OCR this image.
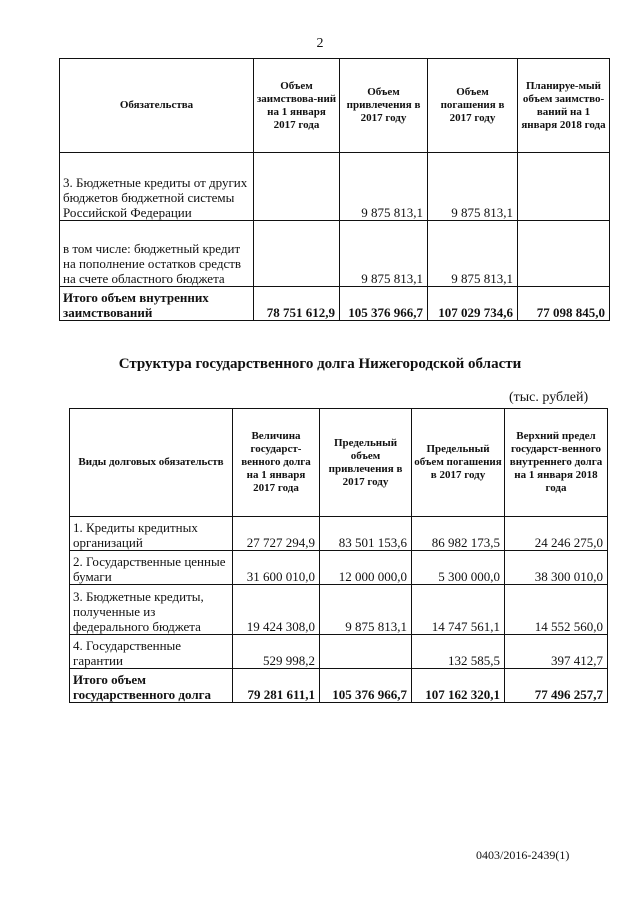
2
Обязательства	Объем заимствова-ний на 1 января 2017 года	Объем привлечения в 2017 году	Объем погашения в 2017 году	Планируе-мый объем заимство-ваний на 1 января 2018 года
3. Бюджетные кредиты от других бюджетов бюджетной системы Российской Федерации		9 875 813,1	9 875 813,1	
в том числе: бюджетный кредит на пополнение остатков средств на счете областного бюджета		9 875 813,1	9 875 813,1	
Итого объем внутренних заимствований	78 751 612,9	105 376 966,7	107 029 734,6	77 098 845,0
Структура государственного долга Нижегородской области
(тыс. рублей)
Виды долговых обязательств	Величина государст-венного долга на 1 января 2017 года	Предельный объем привлечения в 2017 году	Предельный объем погашения в 2017 году	Верхний предел государст-венного внутреннего долга на 1 января 2018 года
1. Кредиты кредитных организаций	27 727 294,9	83 501 153,6	86 982 173,5	24 246 275,0
2. Государственные ценные бумаги	31 600 010,0	12 000 000,0	5 300 000,0	38 300 010,0
3. Бюджетные кредиты, полученные из федерального бюджета	19 424 308,0	9 875 813,1	14 747 561,1	14 552 560,0
4. Государственные гарантии	529 998,2		132 585,5	397 412,7
Итого объем государственного долга	79 281 611,1	105 376 966,7	107 162 320,1	77 496 257,7
0403/2016-2439(1)
